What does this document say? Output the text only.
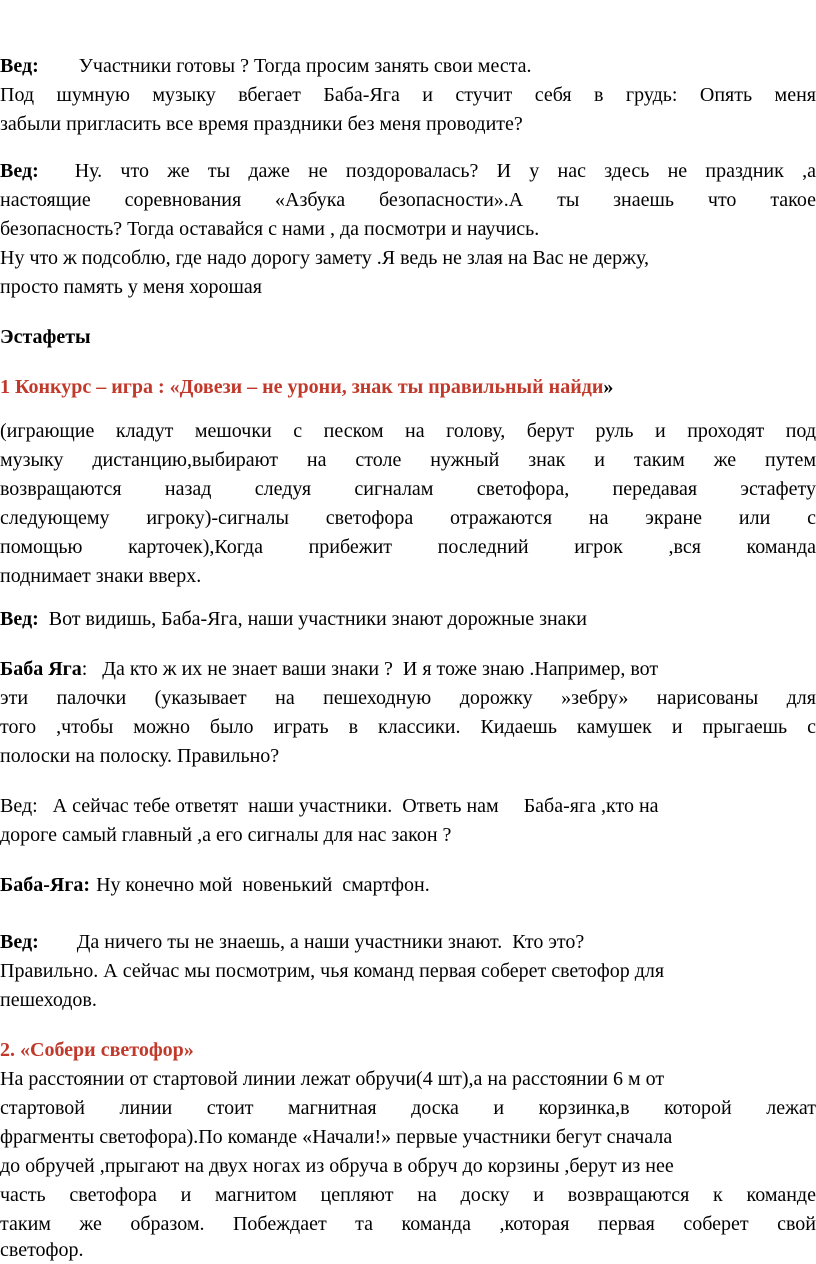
Вед: Участники готовы ? Тогда просим занять свои места.
Под шумную музыку вбегает Баба-Яга и стучит себя в грудь: Опять меня
забыли пригласить все время праздники без меня проводите?
Вед: Ну. что же ты даже не поздоровалась? И у нас здесь не праздник ,а
настоящие соревнования «Азбука безопасности».А ты знаешь что такое
безопасность? Тогда оставайся с нами , да посмотри и научись.
Ну что ж подсоблю, где надо дорогу замету .Я ведь не злая на Вас не держу,
просто память у меня хорошая
Эстафеты
1 Конкурс – игра : «Довези – не урони, знак ты правильный найди»
(играющие кладут мешочки с песком на голову, берут руль и проходят под
музыку дистанцию,выбирают на столе нужный знак и таким же путем
возвращаются назад следуя сигналам светофора, передавая эстафету
следующему игроку)-сигналы светофора отражаются на экране или с
помощью карточек),Когда прибежит последний игрок ,вся команда
поднимает знаки вверх.
Вед: Вот видишь, Баба-Яга, наши участники знают дорожные знаки
Баба Яга:   Да кто ж их не знает ваши знаки ?  И я тоже знаю .Например, вот
эти палочки (указывает на пешеходную дорожку »зебру» нарисованы для
того ,чтобы можно было играть в классики. Кидаешь камушек и прыгаешь с
полоски на полоску. Правильно?
Вед:   А сейчас тебе ответят  наши участники.  Ответь нам     Баба-яга ,кто на
дороге самый главный ,а его сигналы для нас закон ?
Баба-Яга: Ну конечно мой  новенький  смартфон.
Вед: Да ничего ты не знаешь, а наши участники знают.  Кто это?
Правильно. А сейчас мы посмотрим, чья команд первая соберет светофор для
пешеходов.
2. «Собери светофор»
На расстоянии от стартовой линии лежат обручи(4 шт),а на расстоянии 6 м от
стартовой линии стоит магнитная доска и корзинка,в которой лежат
фрагменты светофора).По команде «Начали!» первые участники бегут сначала
до обручей ,прыгают на двух ногах из обруча в обруч до корзины ,берут из нее
часть светофора и магнитом цепляют на доску и возвращаются к команде
таким же образом. Побеждает та команда ,которая первая соберет свой
светофор.
